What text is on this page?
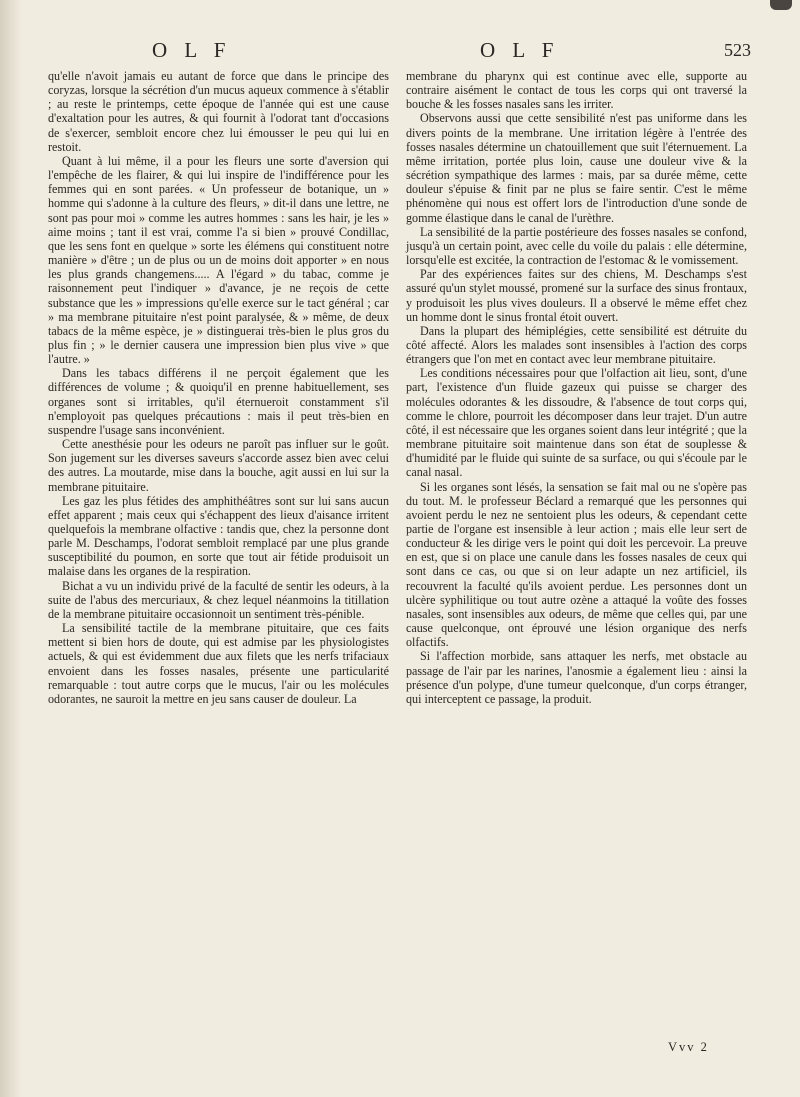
O L F	O L F	523

qu'elle n'avoit jamais eu autant de force que dans le principe des coryzas, lorsque la sécrétion d'un mucus aqueux commence à s'établir ; au reste le printemps, cette époque de l'année qui est une cause d'exaltation pour les autres, & qui fournit à l'odorat tant d'occasions de s'exercer, sembloit encore chez lui émousser le peu qui lui en restoit.

Quant à lui même, il a pour les fleurs une sorte d'aversion qui l'empêche de les flairer, & qui lui inspire de l'indifférence pour les femmes qui en sont parées. « Un professeur de botanique, un » homme qui s'adonne à la culture des fleurs, » dit-il dans une lettre, ne sont pas pour moi » comme les autres hommes : sans les hair, je les » aime moins ; tant il est vrai, comme l'a si bien » prouvé Condillac, que les sens font en quelque » sorte les élémens qui constituent notre manière » d'être ; un de plus ou un de moins doit apporter » en nous les plus grands changemens..... A l'égard » du tabac, comme je raisonnement peut l'indiquer » d'avance, je ne reçois de cette substance que les » impressions qu'elle exerce sur le tact général ; car » ma membrane pituitaire n'est point paralysée, & » même, de deux tabacs de la même espèce, je » distinguerai très-bien le plus gros du plus fin ; » le dernier causera une impression bien plus vive » que l'autre. »

Dans les tabacs différens il ne perçoit également que les différences de volume ; & quoiqu'il en prenne habituellement, ses organes sont si irritables, qu'il éternueroit constamment s'il n'employoit pas quelques précautions : mais il peut très-bien en suspendre l'usage sans inconvénient.

Cette anesthésie pour les odeurs ne paroît pas influer sur le goût. Son jugement sur les diverses saveurs s'accorde assez bien avec celui des autres. La moutarde, mise dans la bouche, agit aussi en lui sur la membrane pituitaire.

Les gaz les plus fétides des amphithéâtres sont sur lui sans aucun effet apparent ; mais ceux qui s'échappent des lieux d'aisance irritent quelquefois la membrane olfactive : tandis que, chez la personne dont parle M. Deschamps, l'odorat sembloit remplacé par une plus grande susceptibilité du poumon, en sorte que tout air fétide produisoit un malaise dans les organes de la respiration.

Bichat a vu un individu privé de la faculté de sentir les odeurs, à la suite de l'abus des mercuriaux, & chez lequel néanmoins la titillation de la membrane pituitaire occasionnoit un sentiment très-pénible.

La sensibilité tactile de la membrane pituitaire, que ces faits mettent si bien hors de doute, qui est admise par les physiologistes actuels, & qui est évidemment due aux filets que les nerfs trifaciaux envoient dans les fosses nasales, présente une particularité remarquable : tout autre corps que le mucus, l'air ou les molécules odorantes, ne sauroit la mettre en jeu sans causer de douleur. La

membrane du pharynx qui est continue avec elle, supporte au contraire aisément le contact de tous les corps qui ont traversé la bouche & les fosses nasales sans les irriter.

Observons aussi que cette sensibilité n'est pas uniforme dans les divers points de la membrane. Une irritation légère à l'entrée des fosses nasales détermine un chatouillement que suit l'éternuement. La même irritation, portée plus loin, cause une douleur vive & la sécrétion sympathique des larmes : mais, par sa durée même, cette douleur s'épuise & finit par ne plus se faire sentir. C'est le même phénomène qui nous est offert lors de l'introduction d'une sonde de gomme élastique dans le canal de l'urèthre.

La sensibilité de la partie postérieure des fosses nasales se confond, jusqu'à un certain point, avec celle du voile du palais : elle détermine, lorsqu'elle est excitée, la contraction de l'estomac & le vomissement.

Par des expériences faites sur des chiens, M. Deschamps s'est assuré qu'un stylet moussé, promené sur la surface des sinus frontaux, y produisoit les plus vives douleurs. Il a observé le même effet chez un homme dont le sinus frontal étoit ouvert.

Dans la plupart des hémiplégies, cette sensibilité est détruite du côté affecté. Alors les malades sont insensibles à l'action des corps étrangers que l'on met en contact avec leur membrane pituitaire.

Les conditions nécessaires pour que l'olfaction ait lieu, sont, d'une part, l'existence d'un fluide gazeux qui puisse se charger des molécules odorantes & les dissoudre, & l'absence de tout corps qui, comme le chlore, pourroit les décomposer dans leur trajet. D'un autre côté, il est nécessaire que les organes soient dans leur intégrité ; que la membrane pituitaire soit maintenue dans son état de souplesse & d'humidité par le fluide qui suinte de sa surface, ou qui s'écoule par le canal nasal.

Si les organes sont lésés, la sensation se fait mal ou ne s'opère pas du tout. M. le professeur Béclard a remarqué que les personnes qui avoient perdu le nez ne sentoient plus les odeurs, & cependant cette partie de l'organe est insensible à leur action ; mais elle leur sert de conducteur & les dirige vers le point qui doit les percevoir. La preuve en est, que si on place une canule dans les fosses nasales de ceux qui sont dans ce cas, ou que si on leur adapte un nez artificiel, ils recouvrent la faculté qu'ils avoient perdue. Les personnes dont un ulcère syphilitique ou tout autre ozène a attaqué la voûte des fosses nasales, sont insensibles aux odeurs, de même que celles qui, par une cause quelconque, ont éprouvé une lésion organique des nerfs olfactifs.

Si l'affection morbide, sans attaquer les nerfs, met obstacle au passage de l'air par les narines, l'anosmie a également lieu : ainsi la présence d'un polype, d'une tumeur quelconque, d'un corps étranger, qui interceptent ce passage, la produit.

Vvv 2
